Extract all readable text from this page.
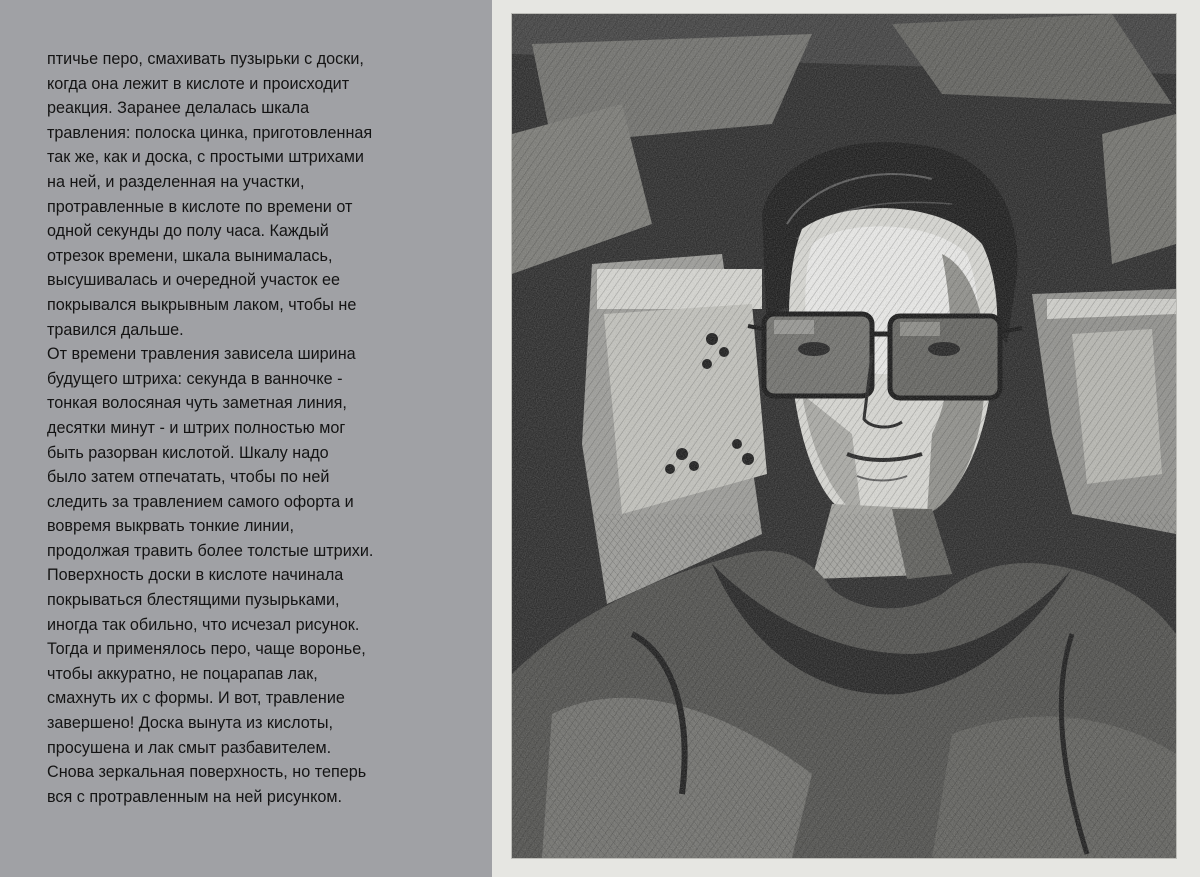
птичье перо, смахивать пузырьки с доски,
когда она лежит в кислоте и происходит
реакция. Заранее делалась шкала
травления: полоска цинка, приготовленная
так же, как и доска, с простыми штрихами
на ней, и разделенная на участки,
протравленные в кислоте по времени от
одной секунды до полу часа. Каждый
отрезок времени, шкала вынималась,
высушивалась и очередной участок ее
покрывался выкрывным лаком, чтобы не
травился дальше.
От времени травления зависела ширина
будущего штриха: секунда в ванночке -
тонкая волосяная чуть заметная линия,
десятки минут - и штрих полностью мог
быть разорван кислотой. Шкалу надо
было затем отпечатать, чтобы по ней
следить за травлением самого офорта и
вовремя выкрвать тонкие линии,
продолжая травить более толстые штрихи.
Поверхность доски в кислоте начинала
покрываться блестящими пузырьками,
иногда так обильно, что исчезал рисунок.
Тогда и применялось перо, чаще воронье,
чтобы аккуратно, не поцарапав лак,
смахнуть их с формы. И вот, травление
завершено! Доска вынута из кислоты,
просушена и лак смыт разбавителем.
Снова зеркальная поверхность, но теперь
вся с протравленным на ней рисунком.
